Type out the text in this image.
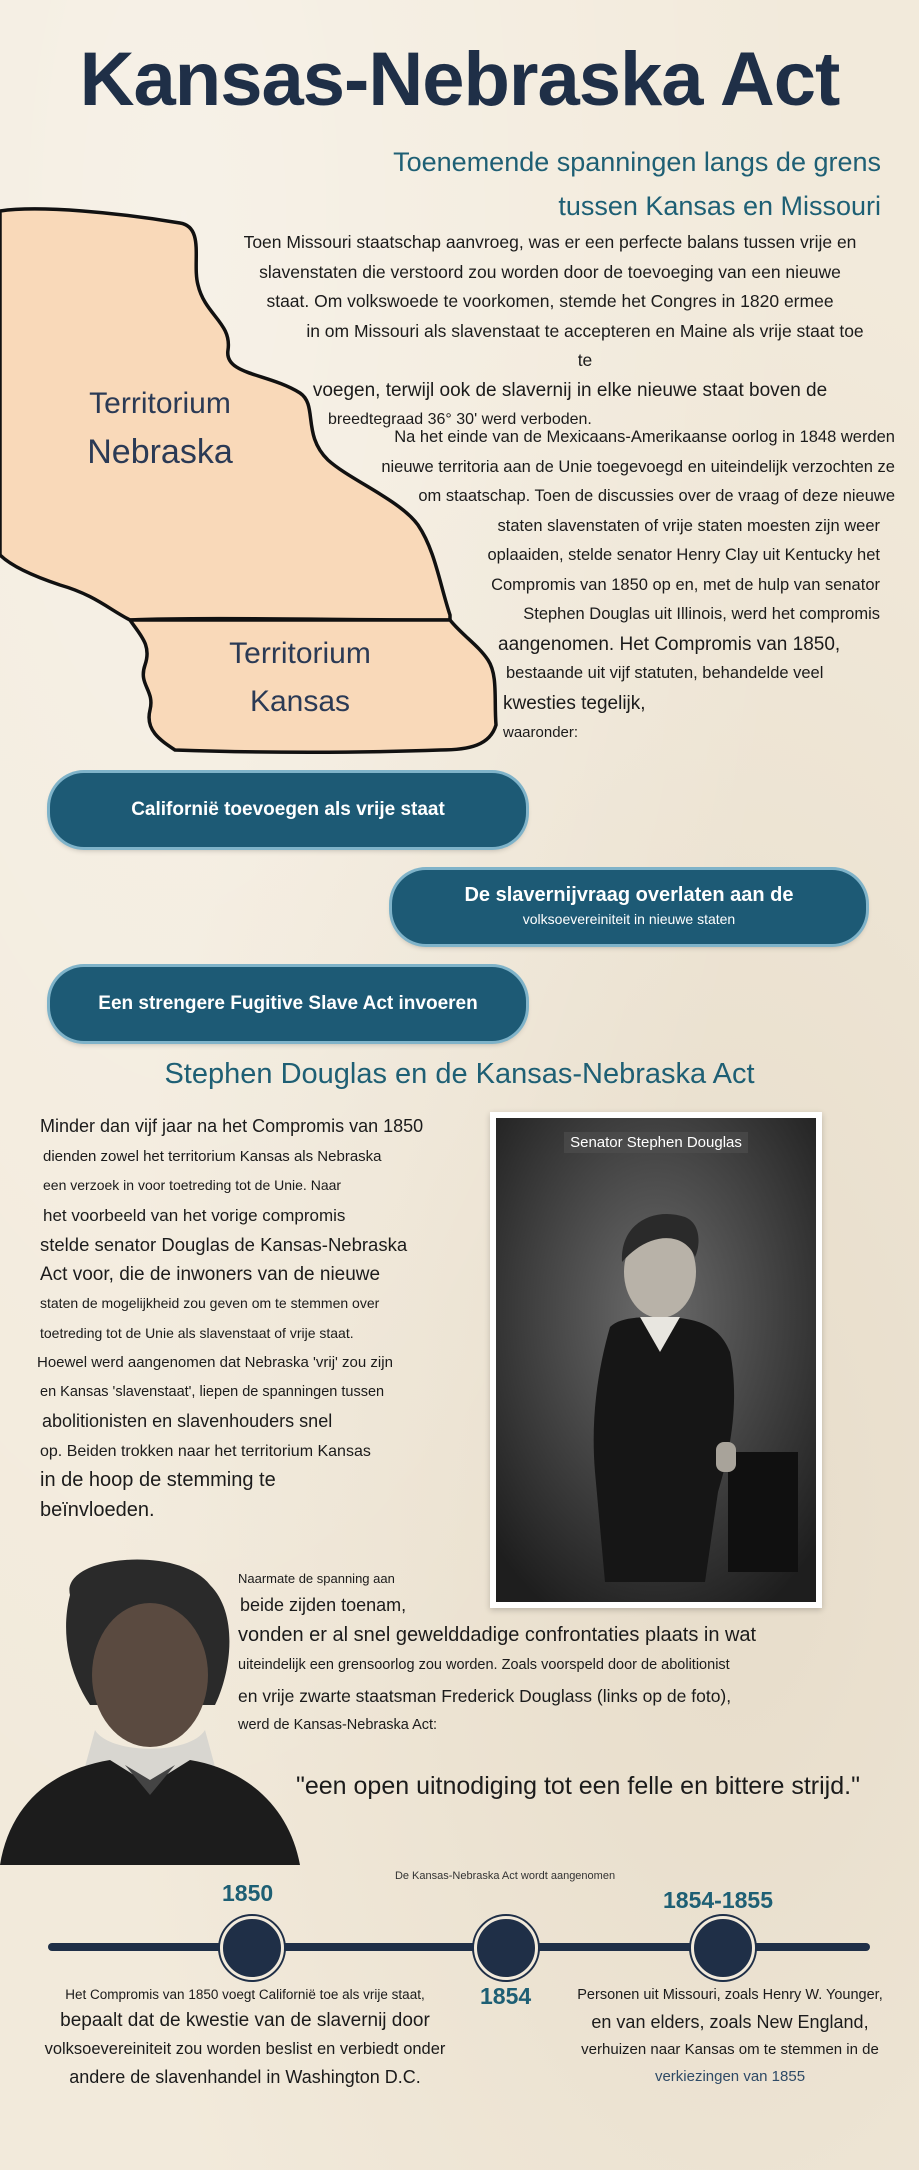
Kansas-Nebraska Act
Toenemende spanningen langs de grens
tussen Kansas en Missouri
Territorium
Nebraska
Territorium
Kansas

Toen Missouri staatschap aanvroeg, was er een perfecte balans tussen vrije en

slavenstaten die verstoord zou worden door de toevoeging van een nieuwe

staat. Om volkswoede te voorkomen, stemde het Congres in 1820 ermee

in om Missouri als slavenstaat te accepteren en Maine als vrije staat toe te

voegen, terwijl ook de slavernij in elke nieuwe staat boven de

breedtegraad 36° 30' werd verboden.

Na het einde van de Mexicaans-Amerikaanse oorlog in 1848 werden

nieuwe territoria aan de Unie toegevoegd en uiteindelijk verzochten ze

om staatschap. Toen de discussies over de vraag of deze nieuwe

staten slavenstaten of vrije staten moesten zijn weer

oplaaiden, stelde senator Henry Clay uit Kentucky het

Compromis van 1850 op en, met de hulp van senator

Stephen Douglas uit Illinois, werd het compromis

aangenomen. Het Compromis van 1850,

bestaande uit vijf statuten, behandelde veel

kwesties tegelijk,

waaronder:

Californië toevoegen als vrije staat
De slavernijvraag overlaten aan de
volksoevereiniteit in nieuwe staten
Een strengere Fugitive Slave Act invoeren
Stephen Douglas en de Kansas-Nebraska Act

Minder dan vijf jaar na het Compromis van 1850

dienden zowel het territorium Kansas als Nebraska

een verzoek in voor toetreding tot de Unie. Naar

het voorbeeld van het vorige compromis

stelde senator Douglas de Kansas-Nebraska

Act voor, die de inwoners van de nieuwe

staten de mogelijkheid zou geven om te stemmen over

toetreding tot de Unie als slavenstaat of vrije staat.

Hoewel werd aangenomen dat Nebraska 'vrij' zou zijn

en Kansas 'slavenstaat', liepen de spanningen tussen

abolitionisten en slavenhouders snel

op. Beiden trokken naar het territorium Kansas

in de hoop de stemming te

beïnvloeden.

Senator Stephen Douglas
Naarmate de spanning aan
beide zijden toenam,
vonden er al snel gewelddadige confrontaties plaats in wat
uiteindelijk een grensoorlog zou worden. Zoals voorspeld door de abolitionist
en vrije zwarte staatsman Frederick Douglass (links op de foto),
werd de Kansas-Nebraska Act:
"een open uitnodiging tot een felle en bittere strijd."
1850
1854
1854-1855
De Kansas-Nebraska Act wordt aangenomen
Het Compromis van 1850 voegt Californië toe als vrije staat,
bepaalt dat de kwestie van de slavernij door
volksoevereiniteit zou worden beslist en verbiedt onder
andere de slavenhandel in Washington D.C.
Personen uit Missouri, zoals Henry W. Younger,
en van elders, zoals New England,
verhuizen naar Kansas om te stemmen in de
verkiezingen van 1855
